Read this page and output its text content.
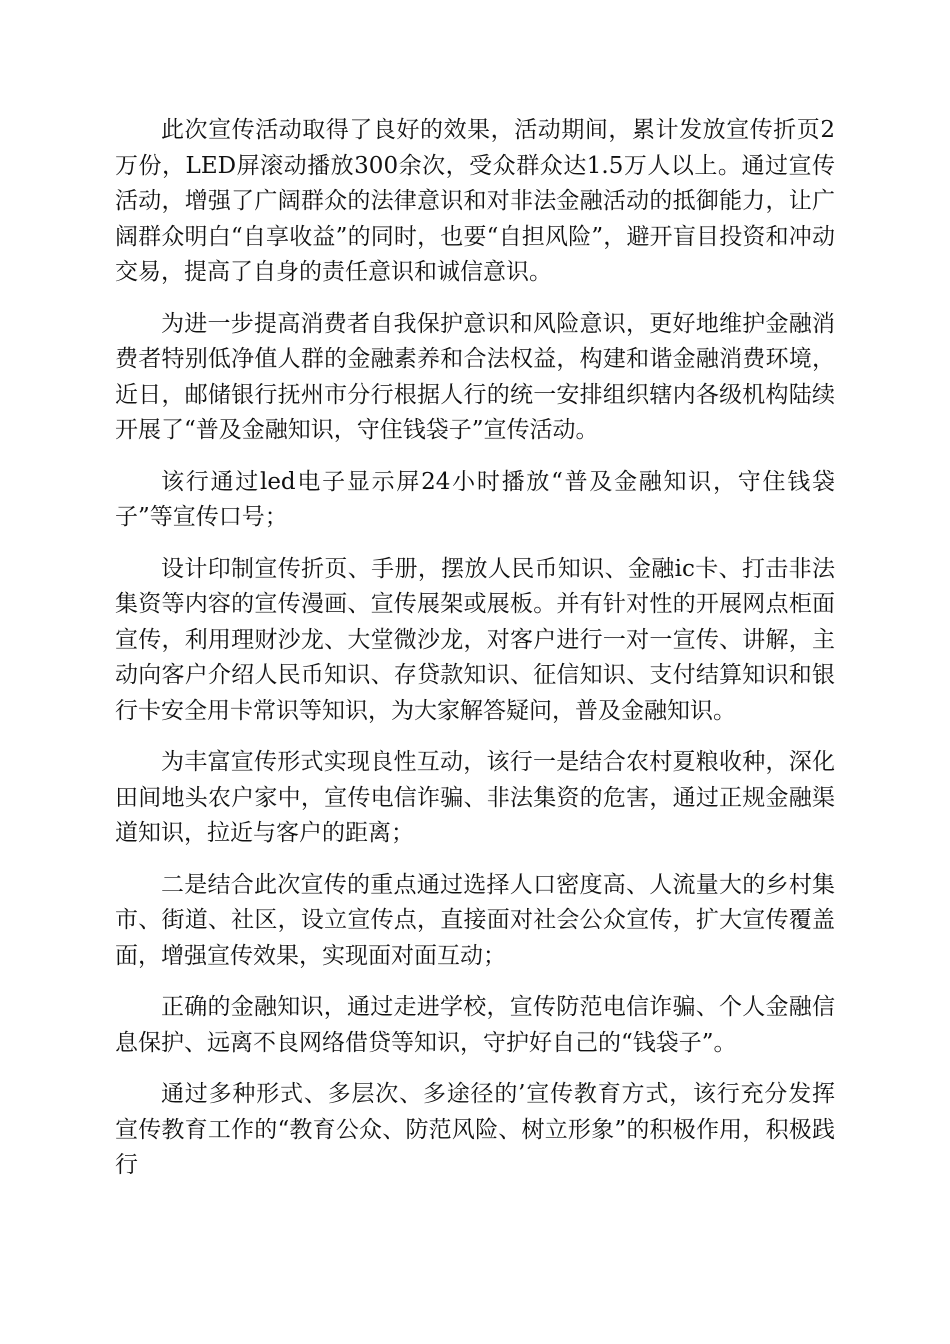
此次宣传活动取得了良好的效果，活动期间，累计发放宣传折页2万份，LED屏滚动播放300余次，受众群众达1.5万人以上。通过宣传活动，增强了广阔群众的法律意识和对非法金融活动的抵御能力，让广阔群众明白“自享收益”的同时，也要“自担风险”，避开盲目投资和冲动交易，提高了自身的责任意识和诚信意识。

为进一步提高消费者自我保护意识和风险意识，更好地维护金融消费者特别低净值人群的金融素养和合法权益，构建和谐金融消费环境，近日，邮储银行抚州市分行根据人行的统一安排组织辖内各级机构陆续开展了“普及金融知识，守住钱袋子”宣传活动。

该行通过led电子显示屏24小时播放“普及金融知识，守住钱袋子”等宣传口号；

设计印制宣传折页、手册，摆放人民币知识、金融ic卡、打击非法集资等内容的宣传漫画、宣传展架或展板。并有针对性的开展网点柜面宣传，利用理财沙龙、大堂微沙龙，对客户进行一对一宣传、讲解，主动向客户介绍人民币知识、存贷款知识、征信知识、支付结算知识和银行卡安全用卡常识等知识，为大家解答疑问，普及金融知识。

为丰富宣传形式实现良性互动，该行一是结合农村夏粮收种，深化田间地头农户家中，宣传电信诈骗、非法集资的危害，通过正规金融渠道知识，拉近与客户的距离；

二是结合此次宣传的重点通过选择人口密度高、人流量大的乡村集市、街道、社区，设立宣传点，直接面对社会公众宣传，扩大宣传覆盖面，增强宣传效果，实现面对面互动；

正确的金融知识，通过走进学校，宣传防范电信诈骗、个人金融信息保护、远离不良网络借贷等知识，守护好自己的“钱袋子”。

通过多种形式、多层次、多途径的’宣传教育方式，该行充分发挥宣传教育工作的“教育公众、防范风险、树立形象”的积极作用，积极践行
